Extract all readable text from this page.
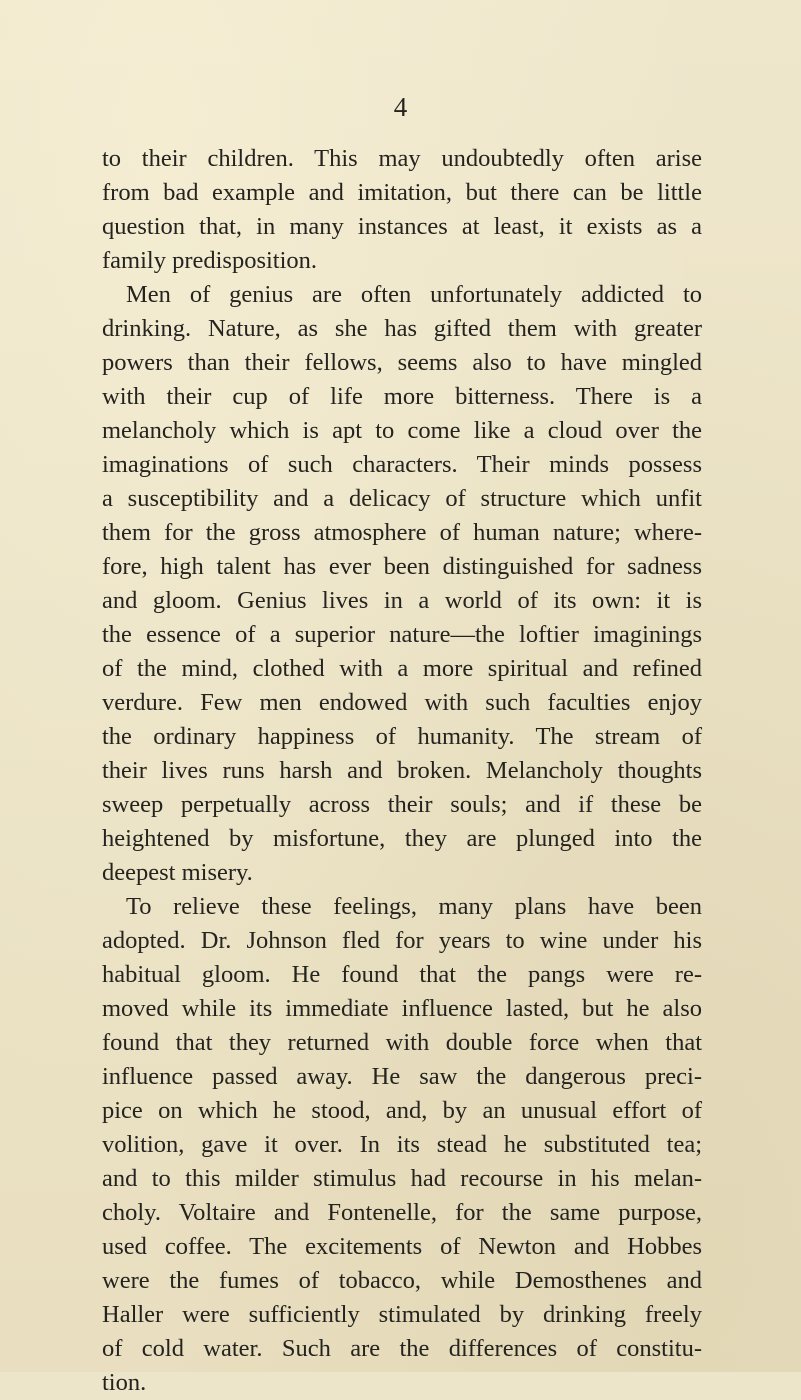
4
to their children. This may undoubtedly often arise
from bad example and imitation, but there can be little
question that, in many instances at least, it exists as a
family predisposition.
Men of genius are often unfortunately addicted to
drinking. Nature, as she has gifted them with greater
powers than their fellows, seems also to have mingled
with their cup of life more bitterness. There is a
melancholy which is apt to come like a cloud over the
imaginations of such characters. Their minds possess
a susceptibility and a delicacy of structure which unfit
them for the gross atmosphere of human nature; where-
fore, high talent has ever been distinguished for sadness
and gloom. Genius lives in a world of its own: it is
the essence of a superior nature—the loftier imaginings
of the mind, clothed with a more spiritual and refined
verdure. Few men endowed with such faculties enjoy
the ordinary happiness of humanity. The stream of
their lives runs harsh and broken. Melancholy thoughts
sweep perpetually across their souls; and if these be
heightened by misfortune, they are plunged into the
deepest misery.
To relieve these feelings, many plans have been
adopted. Dr. Johnson fled for years to wine under his
habitual gloom. He found that the pangs were re-
moved while its immediate influence lasted, but he also
found that they returned with double force when that
influence passed away. He saw the dangerous preci-
pice on which he stood, and, by an unusual effort of
volition, gave it over. In its stead he substituted tea;
and to this milder stimulus had recourse in his melan-
choly. Voltaire and Fontenelle, for the same purpose,
used coffee. The excitements of Newton and Hobbes
were the fumes of tobacco, while Demosthenes and
Haller were sufficiently stimulated by drinking freely
of cold water. Such are the differences of constitu-
tion.
